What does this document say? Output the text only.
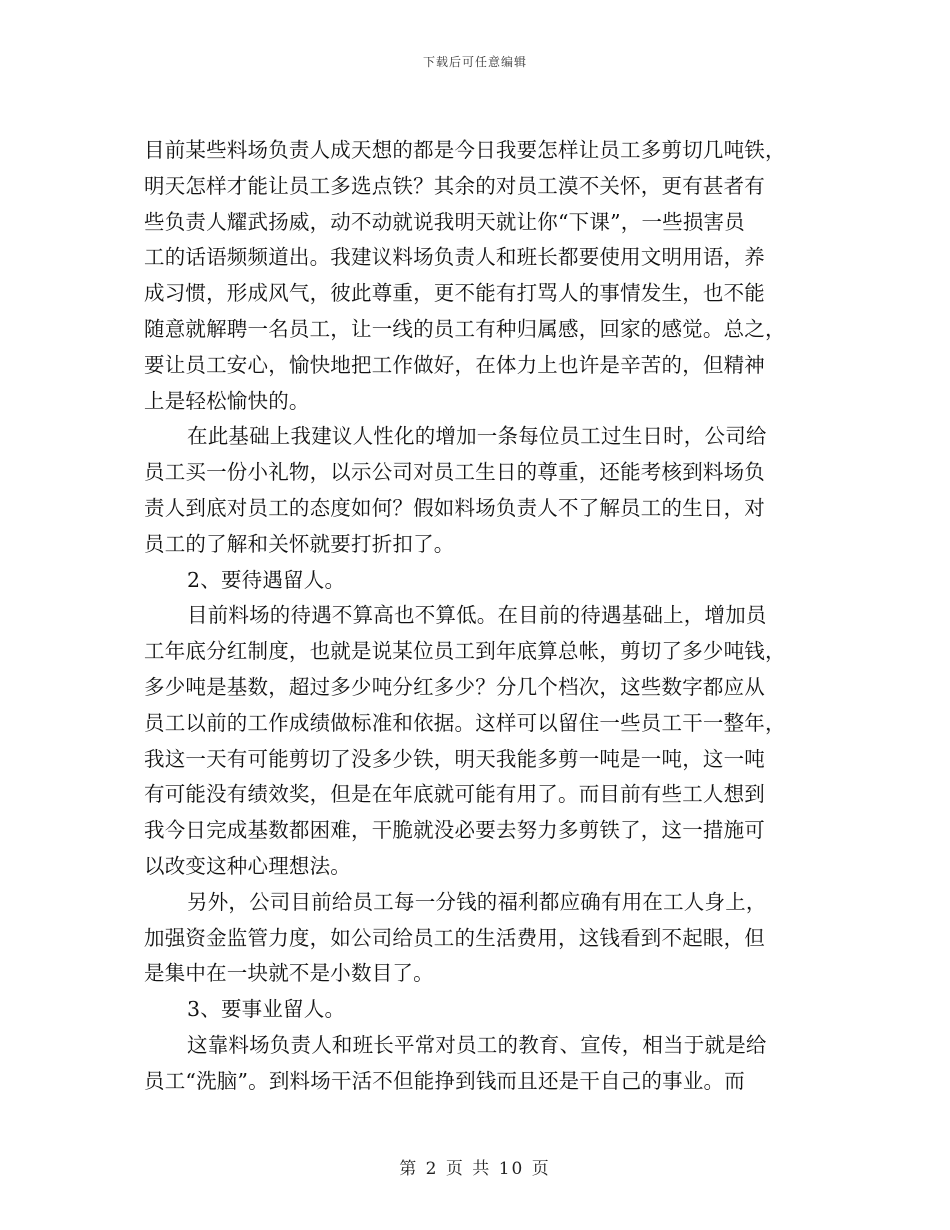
下载后可任意编辑
目前某些料场负责人成天想的都是今日我要怎样让员工多剪切几吨铁，
明天怎样才能让员工多选点铁？其余的对员工漠不关怀，更有甚者有
些负责人耀武扬威，动不动就说我明天就让你“下课”，一些损害员
工的话语频频道出。我建议料场负责人和班长都要使用文明用语，养
成习惯，形成风气，彼此尊重，更不能有打骂人的事情发生，也不能
随意就解聘一名员工，让一线的员工有种归属感，回家的感觉。总之，
要让员工安心，愉快地把工作做好，在体力上也许是辛苦的，但精神
上是轻松愉快的。
在此基础上我建议人性化的增加一条每位员工过生日时，公司给
员工买一份小礼物，以示公司对员工生日的尊重，还能考核到料场负
责人到底对员工的态度如何？假如料场负责人不了解员工的生日，对
员工的了解和关怀就要打折扣了。
2、要待遇留人。
目前料场的待遇不算高也不算低。在目前的待遇基础上，增加员
工年底分红制度，也就是说某位员工到年底算总帐，剪切了多少吨钱，
多少吨是基数，超过多少吨分红多少？分几个档次，这些数字都应从
员工以前的工作成绩做标准和依据。这样可以留住一些员工干一整年，
我这一天有可能剪切了没多少铁，明天我能多剪一吨是一吨，这一吨
有可能没有绩效奖，但是在年底就可能有用了。而目前有些工人想到
我今日完成基数都困难，干脆就没必要去努力多剪铁了，这一措施可
以改变这种心理想法。
另外，公司目前给员工每一分钱的福利都应确有用在工人身上，
加强资金监管力度，如公司给员工的生活费用，这钱看到不起眼，但
是集中在一块就不是小数目了。
3、要事业留人。
这靠料场负责人和班长平常对员工的教育、宣传，相当于就是给
员工“洗脑”。到料场干活不但能挣到钱而且还是干自己的事业。而
第 2 页 共 10 页
